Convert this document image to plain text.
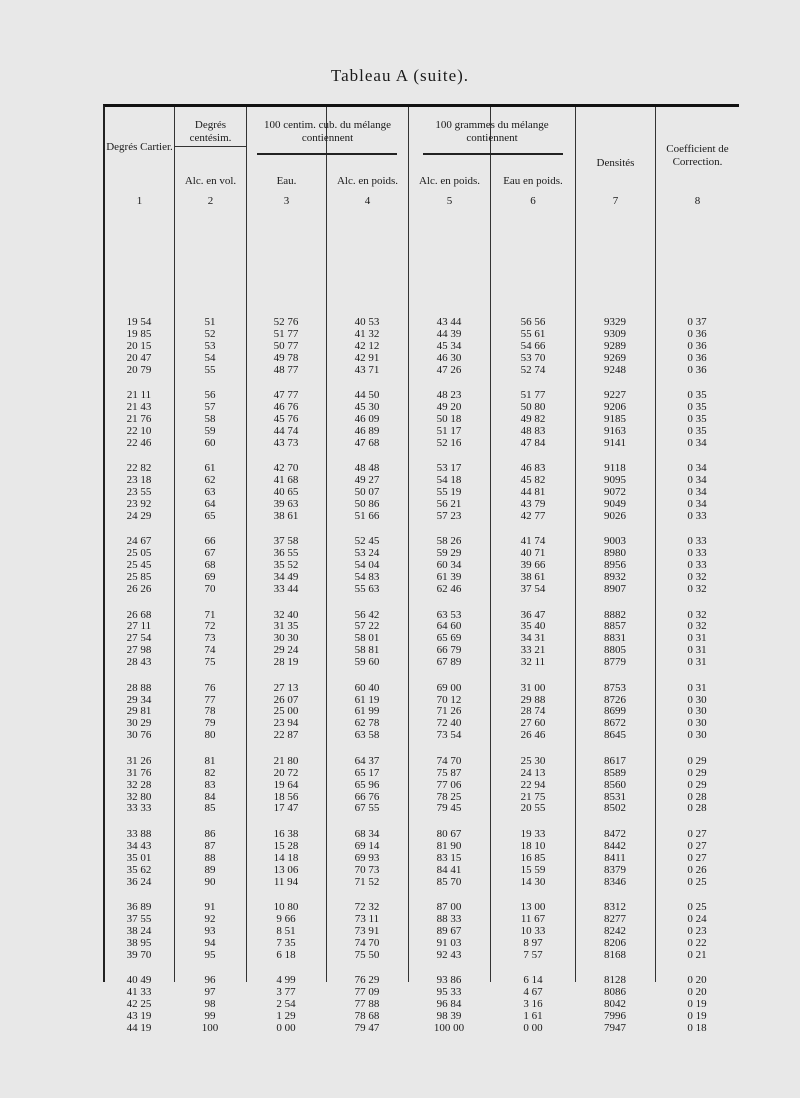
Tableau A (suite).
Degrés Cartier.
Degrés centésim.
100 centim. cub. du mélange contiennent
100 grammes du mélange contiennent
Densités
Coefficient de Correction.
Alc. en vol.	Eau.	Alc. en poids.	Alc. en poids.	Eau en poids.
1	2	3	4	5	6	7	8
19 54	51	52 76	40 53	43 44	56 56	9329	0 37
19 85	52	51 77	41 32	44 39	55 61	9309	0 36
20 15	53	50 77	42 12	45 34	54 66	9289	0 36
20 47	54	49 78	42 91	46 30	53 70	9269	0 36
20 79	55	48 77	43 71	47 26	52 74	9248	0 36
21 11	56	47 77	44 50	48 23	51 77	9227	0 35
21 43	57	46 76	45 30	49 20	50 80	9206	0 35
21 76	58	45 76	46 09	50 18	49 82	9185	0 35
22 10	59	44 74	46 89	51 17	48 83	9163	0 35
22 46	60	43 73	47 68	52 16	47 84	9141	0 34
22 82	61	42 70	48 48	53 17	46 83	9118	0 34
23 18	62	41 68	49 27	54 18	45 82	9095	0 34
23 55	63	40 65	50 07	55 19	44 81	9072	0 34
23 92	64	39 63	50 86	56 21	43 79	9049	0 34
24 29	65	38 61	51 66	57 23	42 77	9026	0 33
24 67	66	37 58	52 45	58 26	41 74	9003	0 33
25 05	67	36 55	53 24	59 29	40 71	8980	0 33
25 45	68	35 52	54 04	60 34	39 66	8956	0 33
25 85	69	34 49	54 83	61 39	38 61	8932	0 32
26 26	70	33 44	55 63	62 46	37 54	8907	0 32
26 68	71	32 40	56 42	63 53	36 47	8882	0 32
27 11	72	31 35	57 22	64 60	35 40	8857	0 32
27 54	73	30 30	58 01	65 69	34 31	8831	0 31
27 98	74	29 24	58 81	66 79	33 21	8805	0 31
28 43	75	28 19	59 60	67 89	32 11	8779	0 31
28 88	76	27 13	60 40	69 00	31 00	8753	0 31
29 34	77	26 07	61 19	70 12	29 88	8726	0 30
29 81	78	25 00	61 99	71 26	28 74	8699	0 30
30 29	79	23 94	62 78	72 40	27 60	8672	0 30
30 76	80	22 87	63 58	73 54	26 46	8645	0 30
31 26	81	21 80	64 37	74 70	25 30	8617	0 29
31 76	82	20 72	65 17	75 87	24 13	8589	0 29
32 28	83	19 64	65 96	77 06	22 94	8560	0 29
32 80	84	18 56	66 76	78 25	21 75	8531	0 28
33 33	85	17 47	67 55	79 45	20 55	8502	0 28
33 88	86	16 38	68 34	80 67	19 33	8472	0 27
34 43	87	15 28	69 14	81 90	18 10	8442	0 27
35 01	88	14 18	69 93	83 15	16 85	8411	0 27
35 62	89	13 06	70 73	84 41	15 59	8379	0 26
36 24	90	11 94	71 52	85 70	14 30	8346	0 25
36 89	91	10 80	72 32	87 00	13 00	8312	0 25
37 55	92	9 66	73 11	88 33	11 67	8277	0 24
38 24	93	8 51	73 91	89 67	10 33	8242	0 23
38 95	94	7 35	74 70	91 03	8 97	8206	0 22
39 70	95	6 18	75 50	92 43	7 57	8168	0 21
40 49	96	4 99	76 29	93 86	6 14	8128	0 20
41 33	97	3 77	77 09	95 33	4 67	8086	0 20
42 25	98	2 54	77 88	96 84	3 16	8042	0 19
43 19	99	1 29	78 68	98 39	1 61	7996	0 19
44 19	100	0 00	79 47	100 00	0 00	7947	0 18
